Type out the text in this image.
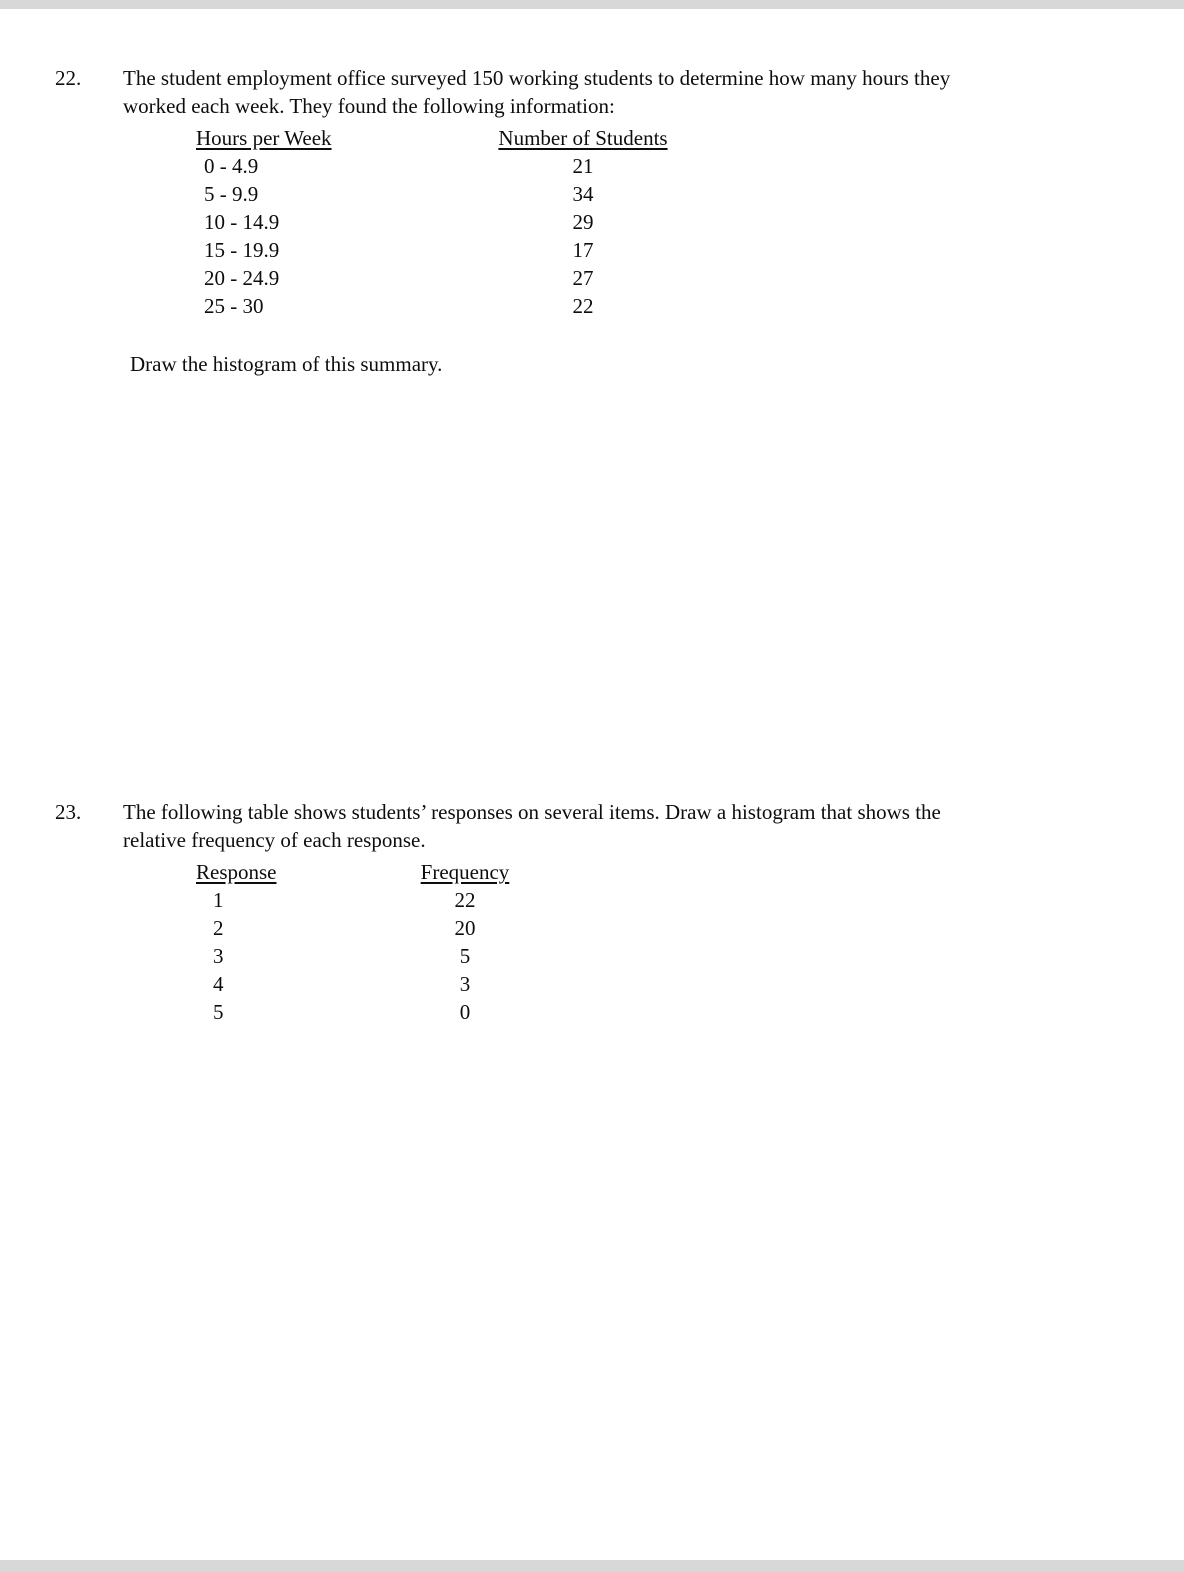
22. The student employment office surveyed 150 working students to determine how many hours they
worked each week. They found the following information:
Hours per Week	Number of Students
0 - 4.9	21
5 - 9.9	34
10 - 14.9	29
15 - 19.9	17
20 - 24.9	27
25 - 30	22
Draw the histogram of this summary.
23. The following table shows students’ responses on several items. Draw a histogram that shows the
relative frequency of each response.
Response	Frequency
1	22
2	20
3	5
4	3
5	0
